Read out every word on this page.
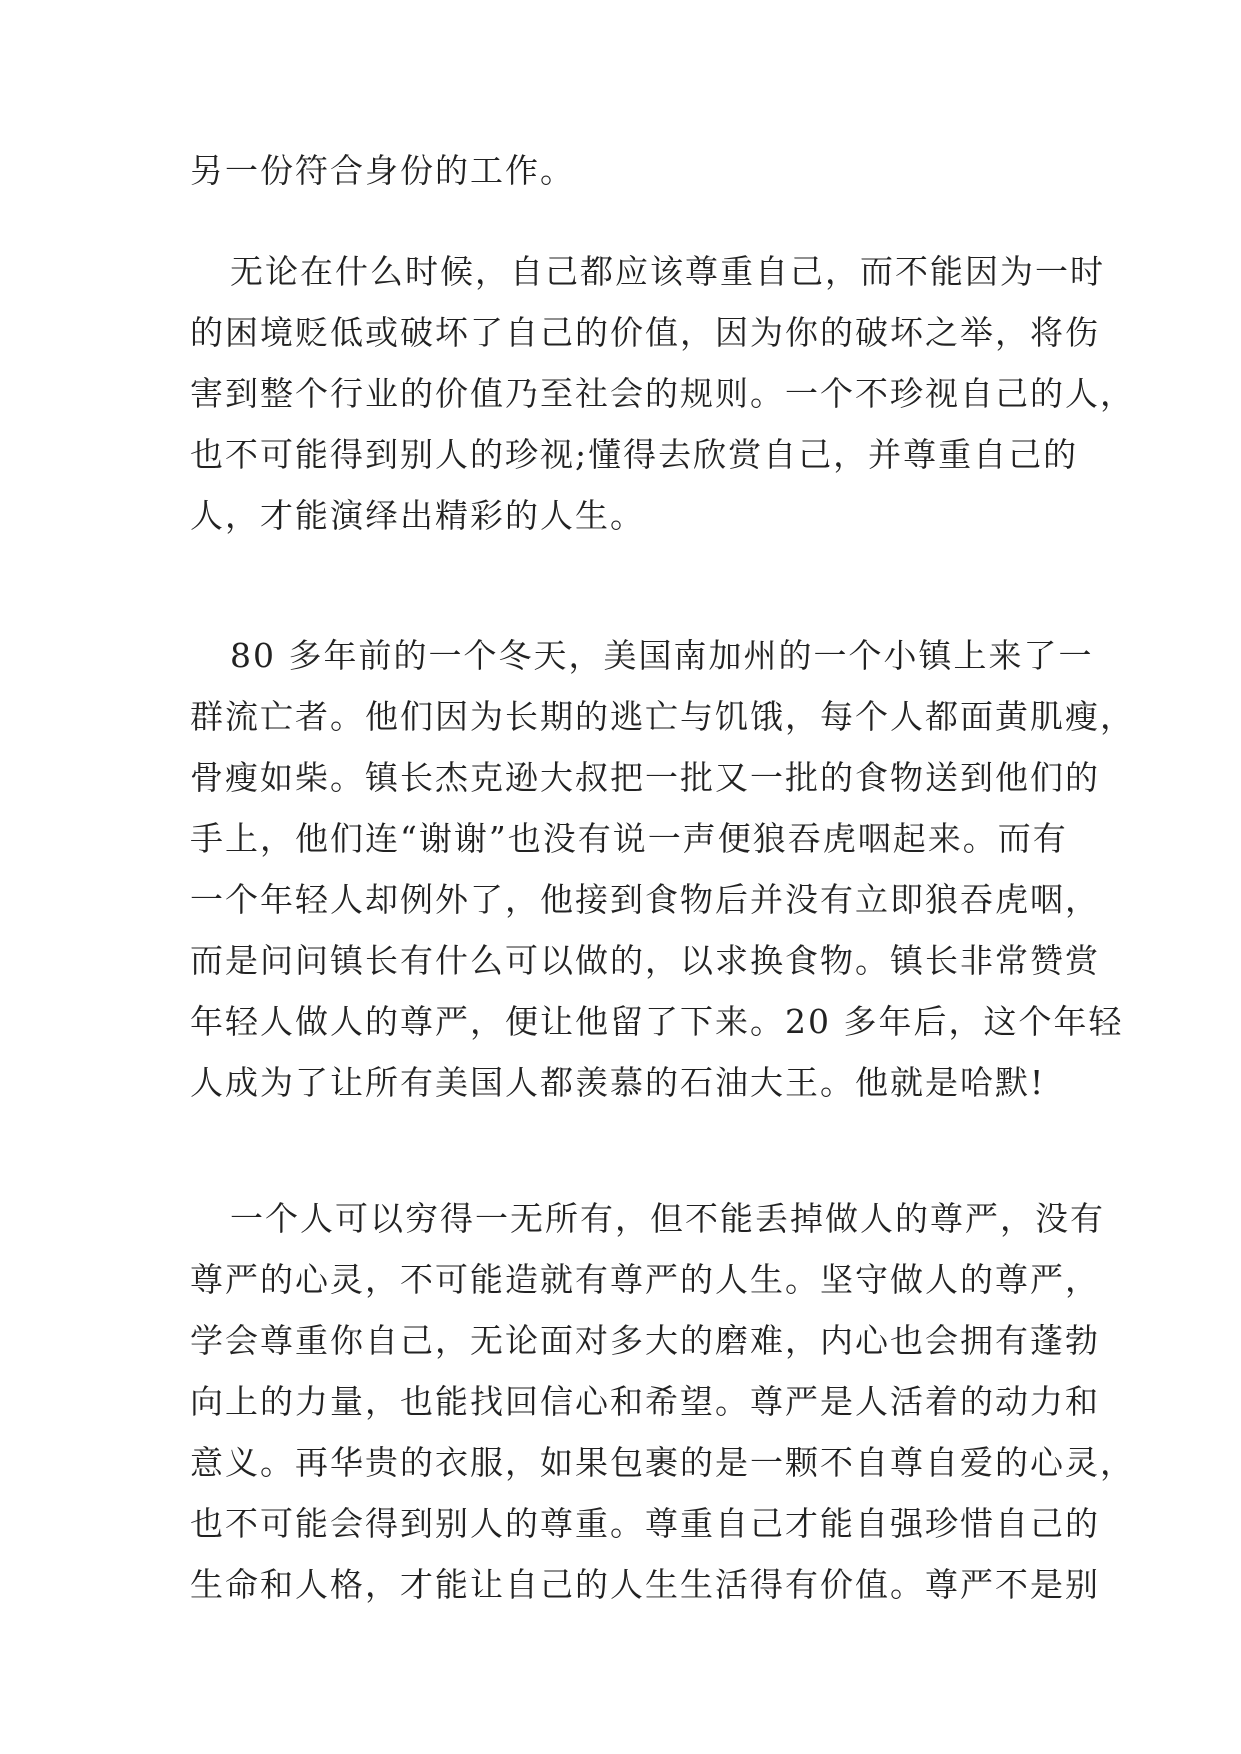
另一份符合身份的工作。
无论在什么时候，自己都应该尊重自己，而不能因为一时
的困境贬低或破坏了自己的价值，因为你的破坏之举，将伤
害到整个行业的价值乃至社会的规则。一个不珍视自己的人，
也不可能得到别人的珍视;懂得去欣赏自己，并尊重自己的
人，才能演绎出精彩的人生。
80 多年前的一个冬天，美国南加州的一个小镇上来了一
群流亡者。他们因为长期的逃亡与饥饿，每个人都面黄肌瘦，
骨瘦如柴。镇长杰克逊大叔把一批又一批的食物送到他们的
手上，他们连“谢谢”也没有说一声便狼吞虎咽起来。而有
一个年轻人却例外了，他接到食物后并没有立即狼吞虎咽，
而是问问镇长有什么可以做的，以求换食物。镇长非常赞赏
年轻人做人的尊严，便让他留了下来。20 多年后，这个年轻
人成为了让所有美国人都羡慕的石油大王。他就是哈默!
一个人可以穷得一无所有，但不能丢掉做人的尊严，没有
尊严的心灵，不可能造就有尊严的人生。坚守做人的尊严，
学会尊重你自己，无论面对多大的磨难，内心也会拥有蓬勃
向上的力量，也能找回信心和希望。尊严是人活着的动力和
意义。再华贵的衣服，如果包裹的是一颗不自尊自爱的心灵，
也不可能会得到别人的尊重。尊重自己才能自强珍惜自己的
生命和人格，才能让自己的人生生活得有价值。尊严不是别
